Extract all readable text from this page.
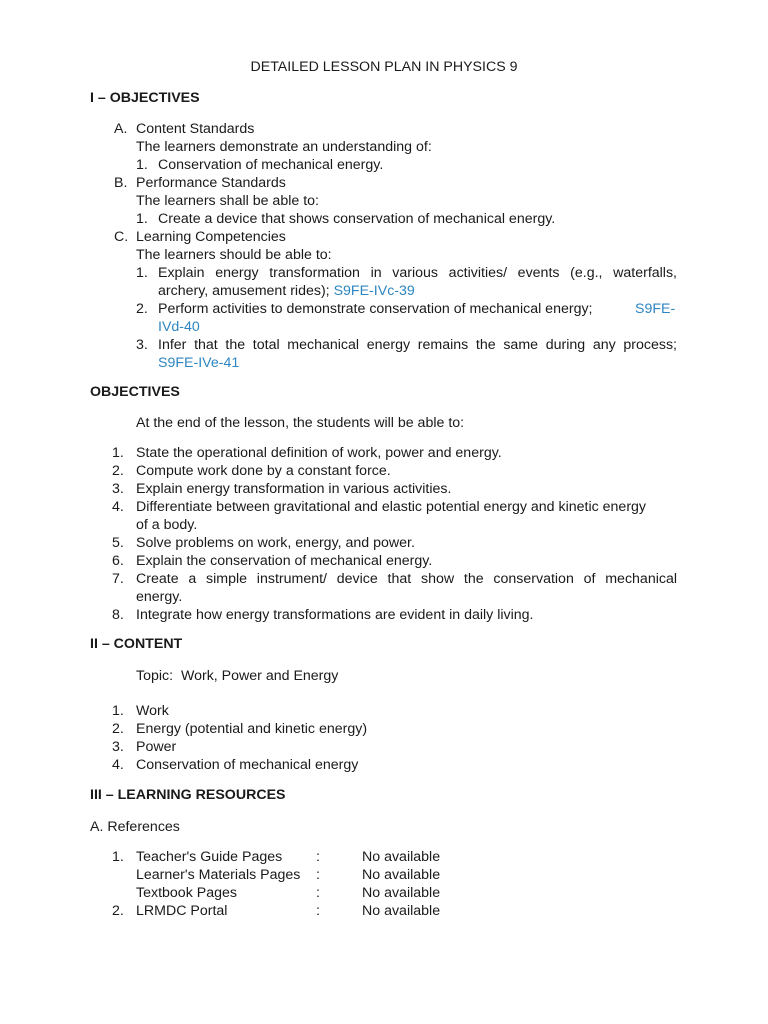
DETAILED LESSON PLAN IN PHYSICS 9
I – OBJECTIVES
A. Content Standards
The learners demonstrate an understanding of:
1. Conservation of mechanical energy.
B. Performance Standards
The learners shall be able to:
1. Create a device that shows conservation of mechanical energy.
C. Learning Competencies
The learners should be able to:
1. Explain energy transformation in various activities/ events (e.g., waterfalls,
archery, amusement rides); S9FE-IVc-39
2. Perform activities to demonstrate conservation of mechanical energy;	S9FE-
IVd-40
3. Infer that the total mechanical energy remains the same during any process;
S9FE-IVe-41
OBJECTIVES
At the end of the lesson, the students will be able to:
1. State the operational definition of work, power and energy.
2. Compute work done by a constant force.
3. Explain energy transformation in various activities.
4. Differentiate between gravitational and elastic potential energy and kinetic energy
of a body.
5. Solve problems on work, energy, and power.
6. Explain the conservation of mechanical energy.
7. Create a simple instrument/ device that show the conservation of mechanical
energy.
8. Integrate how energy transformations are evident in daily living.
II – CONTENT
Topic:  Work, Power and Energy
1. Work
2. Energy (potential and kinetic energy)
3. Power
4. Conservation of mechanical energy
III – LEARNING RESOURCES
A. References
1. Teacher's Guide Pages :	No available
Learner's Materials Pages :	No available
Textbook Pages	:	No available
2. LRMDC Portal	:	No available
